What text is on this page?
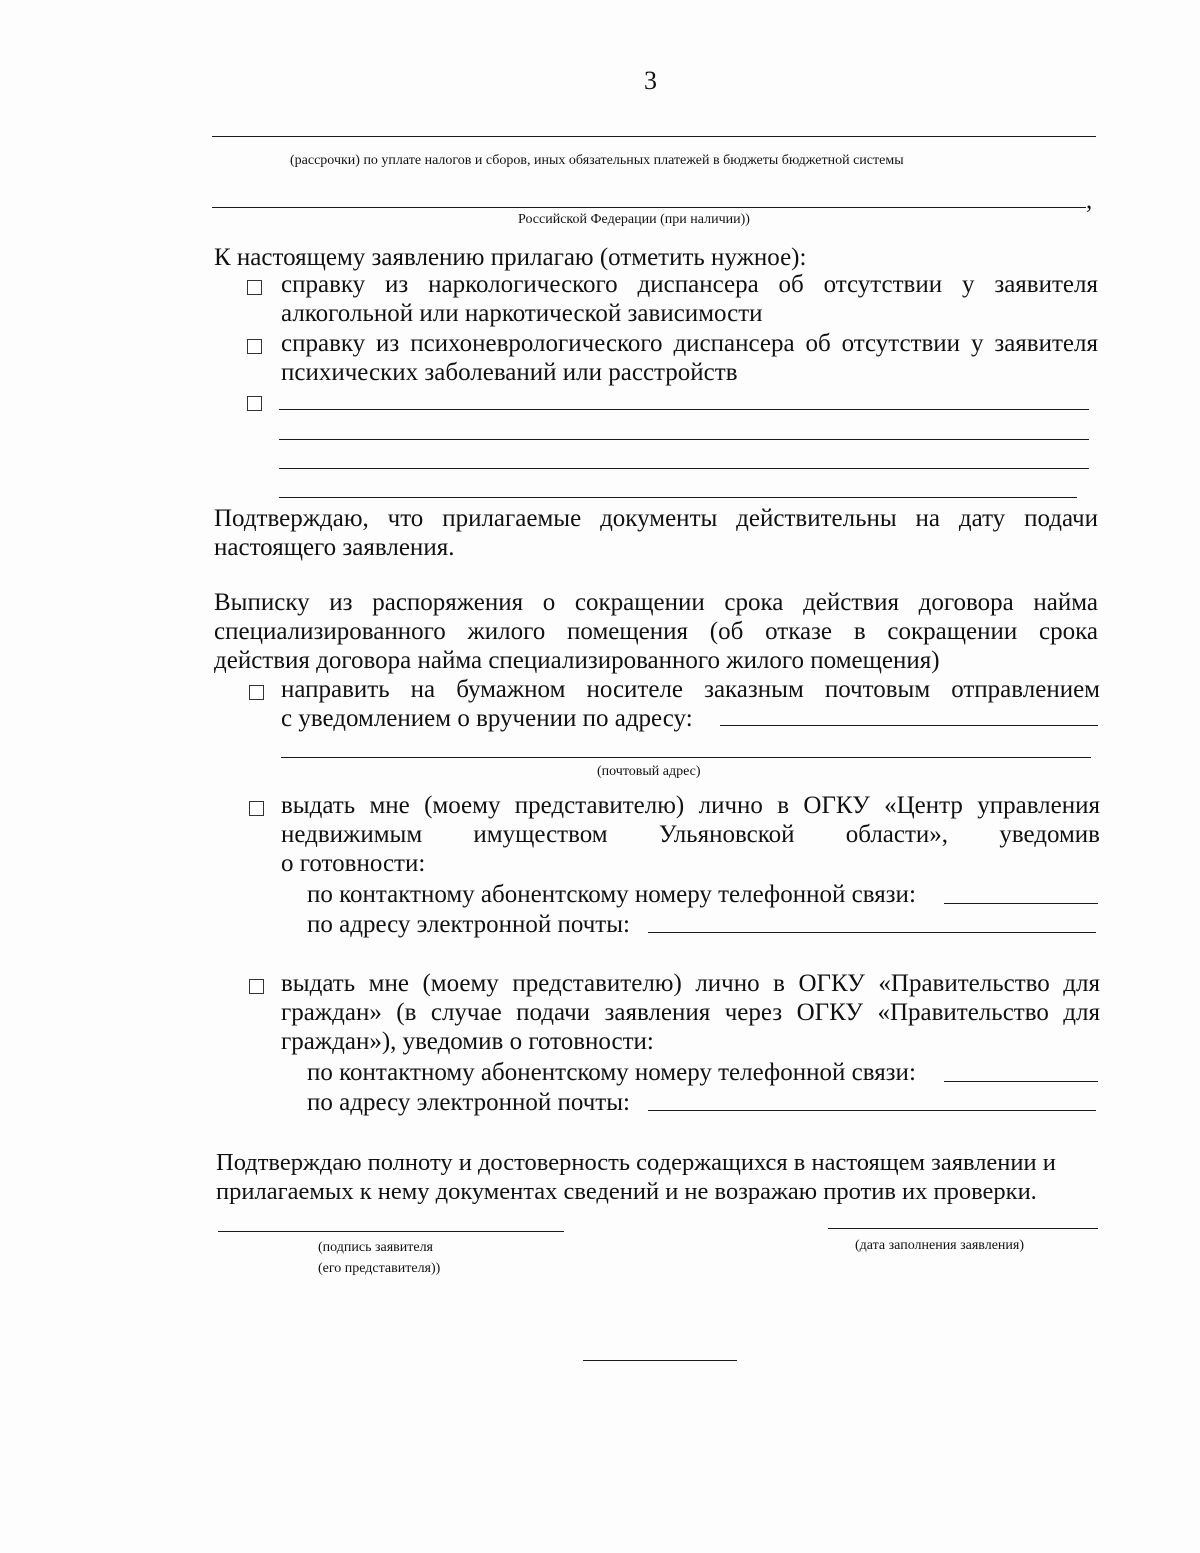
3
(рассрочки) по уплате налогов и сборов, иных обязательных платежей в бюджеты бюджетной системы
,
Российской Федерации (при наличии))
К настоящему заявлению прилагаю (отметить нужное):
справку из наркологического диспансера об отсутствии у заявителя
алкогольной или наркотической зависимости
справку из психоневрологического диспансера об отсутствии у заявителя
психических заболеваний или расстройств
Подтверждаю, что прилагаемые документы действительны на дату подачи
настоящего заявления.
Выписку из распоряжения о сокращении срока действия договора найма
специализированного жилого помещения (об отказе в сокращении срока
действия договора найма специализированного жилого помещения)
направить на бумажном носителе заказным почтовым отправлением
с уведомлением о вручении по адресу:
(почтовый адрес)
выдать мне (моему представителю) лично в ОГКУ «Центр управления
недвижимым имуществом Ульяновской области», уведомив
о готовности:
по контактному абонентскому номеру телефонной связи:
по адресу электронной почты:
выдать мне (моему представителю) лично в ОГКУ «Правительство для
граждан» (в случае подачи заявления через ОГКУ «Правительство для
граждан»), уведомив о готовности:
по контактному абонентскому номеру телефонной связи:
по адресу электронной почты:
Подтверждаю полноту и достоверность содержащихся в настоящем заявлении и
прилагаемых к нему документах сведений и не возражаю против их проверки.
(подпись заявителя
(его представителя))
(дата заполнения заявления)
